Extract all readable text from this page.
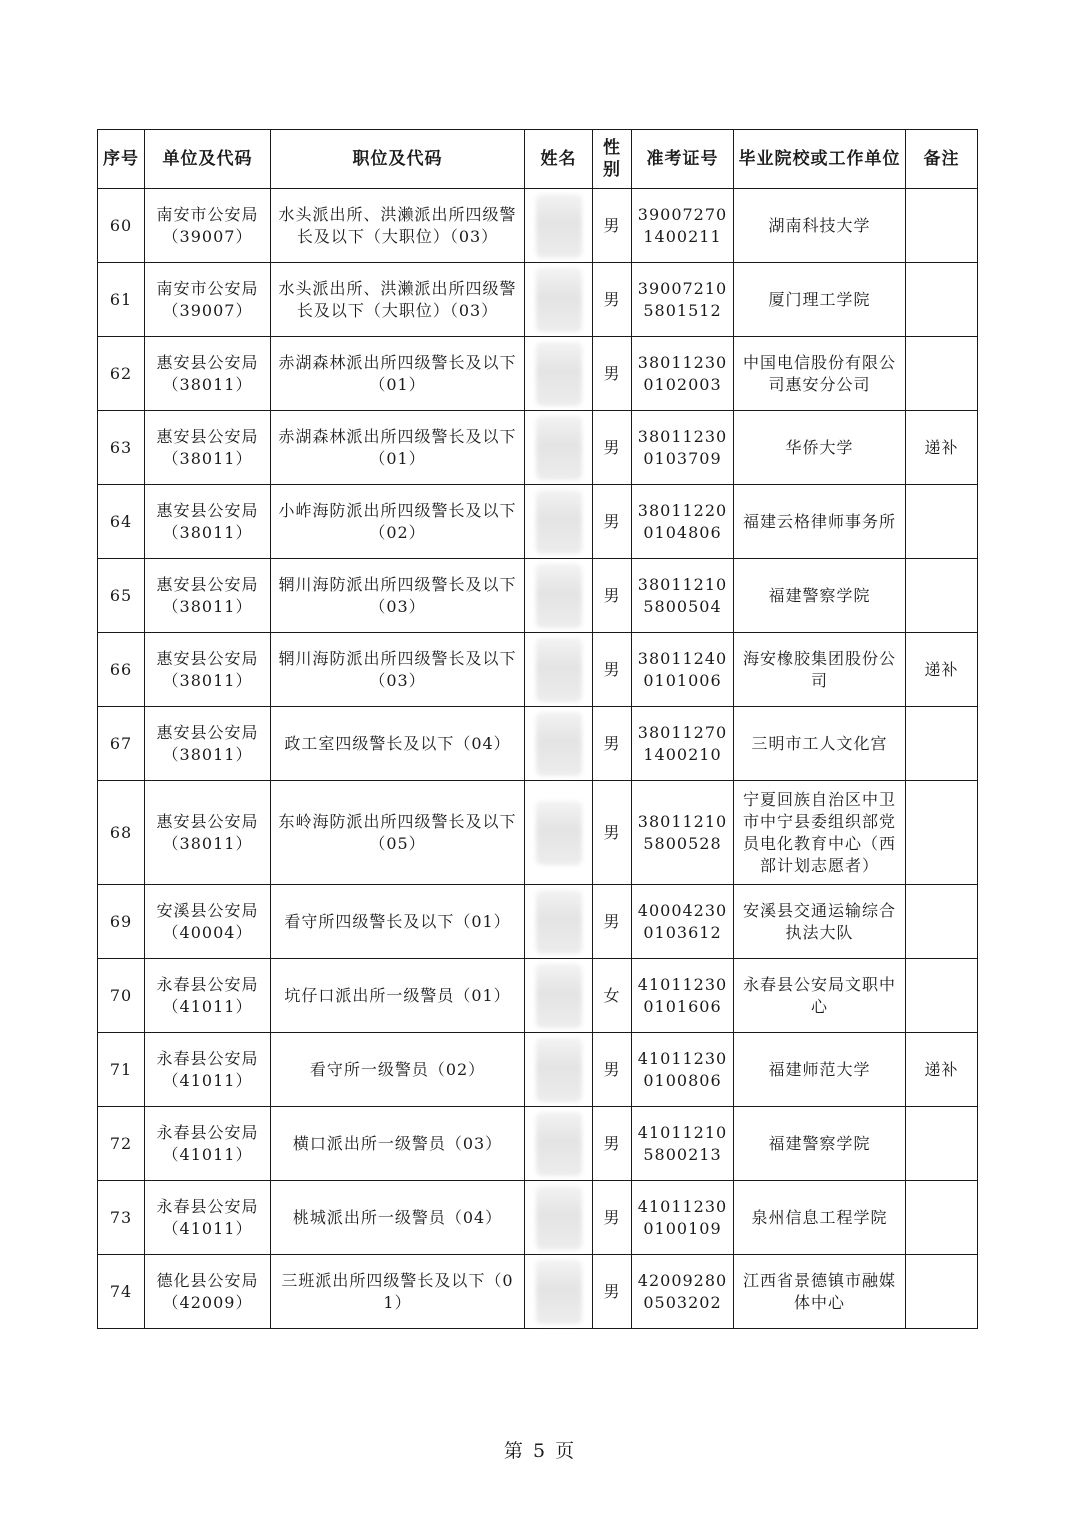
序号	单位及代码	职位及代码	姓名	性别	准考证号	毕业院校或工作单位	备注
60	南安市公安局（39007）	水头派出所、洪濑派出所四级警长及以下（大职位）（03）		男	390072701400211	湖南科技大学	
61	南安市公安局（39007）	水头派出所、洪濑派出所四级警长及以下（大职位）（03）		男	390072105801512	厦门理工学院	
62	惠安县公安局（38011）	赤湖森林派出所四级警长及以下（01）		男	380112300102003	中国电信股份有限公司惠安分公司	
63	惠安县公安局（38011）	赤湖森林派出所四级警长及以下（01）		男	380112300103709	华侨大学	递补
64	惠安县公安局（38011）	小岞海防派出所四级警长及以下（02）		男	380112200104806	福建云格律师事务所	
65	惠安县公安局（38011）	辋川海防派出所四级警长及以下（03）		男	380112105800504	福建警察学院	
66	惠安县公安局（38011）	辋川海防派出所四级警长及以下（03）		男	380112400101006	海安橡胶集团股份公司	递补
67	惠安县公安局（38011）	政工室四级警长及以下（04）		男	380112701400210	三明市工人文化宫	
68	惠安县公安局（38011）	东岭海防派出所四级警长及以下（05）		男	380112105800528	宁夏回族自治区中卫市中宁县委组织部党员电化教育中心（西部计划志愿者）	
69	安溪县公安局（40004）	看守所四级警长及以下（01）		男	400042300103612	安溪县交通运输综合执法大队	
70	永春县公安局（41011）	坑仔口派出所一级警员（01）		女	410112300101606	永春县公安局文职中心	
71	永春县公安局（41011）	看守所一级警员（02）		男	410112300100806	福建师范大学	递补
72	永春县公安局（41011）	横口派出所一级警员（03）		男	410112105800213	福建警察学院	
73	永春县公安局（41011）	桃城派出所一级警员（04）		男	410112300100109	泉州信息工程学院	
74	德化县公安局（42009）	三班派出所四级警长及以下（01）		男	420092800503202	江西省景德镇市融媒体中心	
第 5 页
